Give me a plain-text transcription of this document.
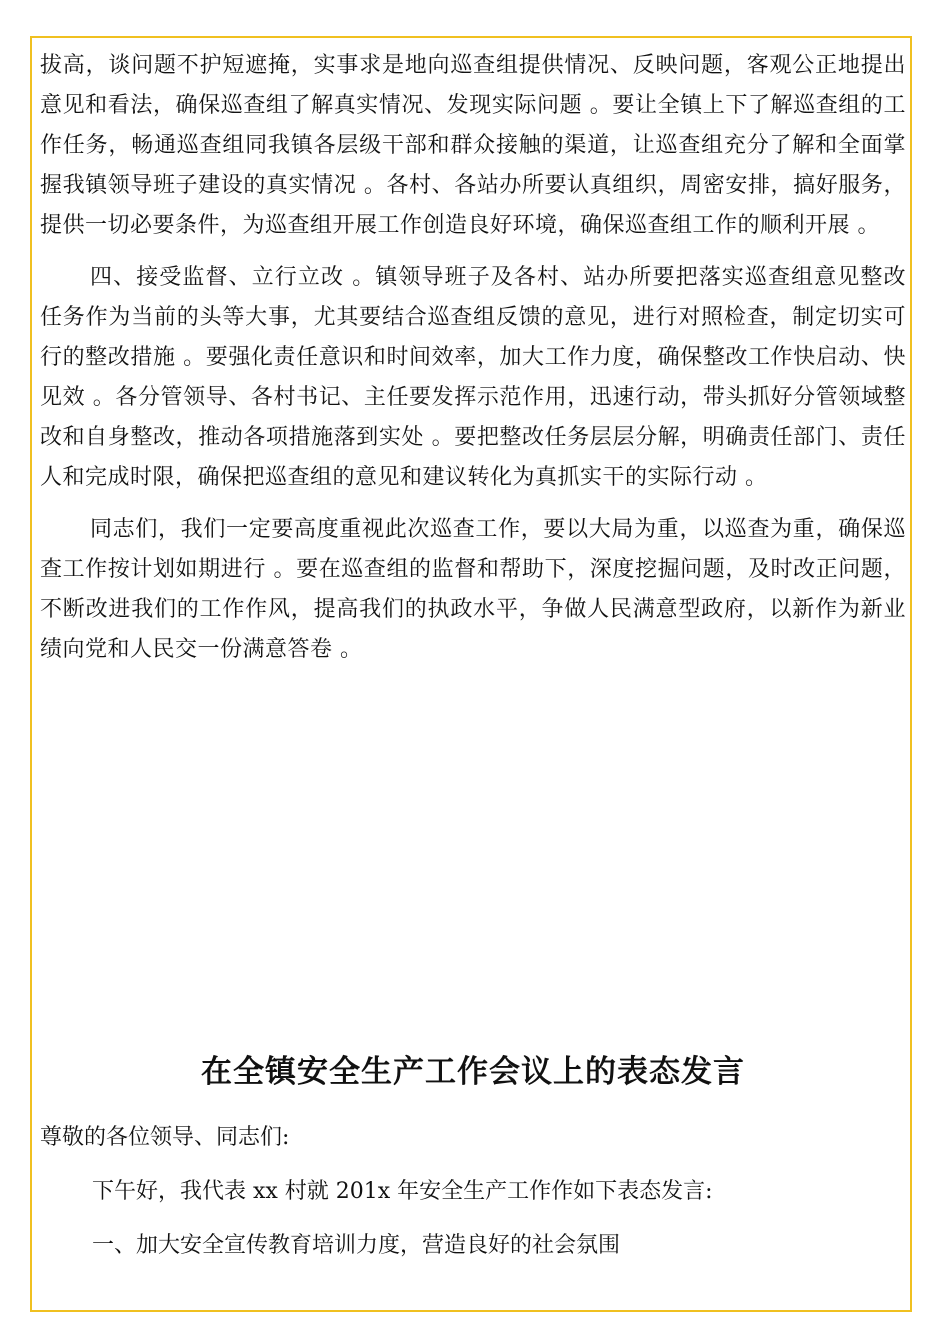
拔高，谈问题不护短遮掩，实事求是地向巡查组提供情况、反映问题，客观公正地提出意见和看法，确保巡查组了解真实情况、发现实际问题 。要让全镇上下了解巡查组的工作任务，畅通巡查组同我镇各层级干部和群众接触的渠道，让巡查组充分了解和全面掌握我镇领导班子建设的真实情况 。各村、各站办所要认真组织，周密安排，搞好服务，提供一切必要条件，为巡查组开展工作创造良好环境，确保巡查组工作的顺利开展 。

四、接受监督、立行立改 。镇领导班子及各村、站办所要把落实巡查组意见整改任务作为当前的头等大事，尤其要结合巡查组反馈的意见，进行对照检查，制定切实可行的整改措施 。要强化责任意识和时间效率，加大工作力度，确保整改工作快启动、快见效 。各分管领导、各村书记、主任要发挥示范作用，迅速行动，带头抓好分管领域整改和自身整改，推动各项措施落到实处 。要把整改任务层层分解，明确责任部门、责任人和完成时限，确保把巡查组的意见和建议转化为真抓实干的实际行动 。

同志们，我们一定要高度重视此次巡查工作，要以大局为重，以巡查为重，确保巡查工作按计划如期进行 。要在巡查组的监督和帮助下，深度挖掘问题，及时改正问题，不断改进我们的工作作风，提高我们的执政水平，争做人民满意型政府，以新作为新业绩向党和人民交一份满意答卷 。

在全镇安全生产工作会议上的表态发言

尊敬的各位领导、同志们:

下午好，我代表 xx 村就 201x 年安全生产工作作如下表态发言:

一、加大安全宣传教育培训力度，营造良好的社会氛围
